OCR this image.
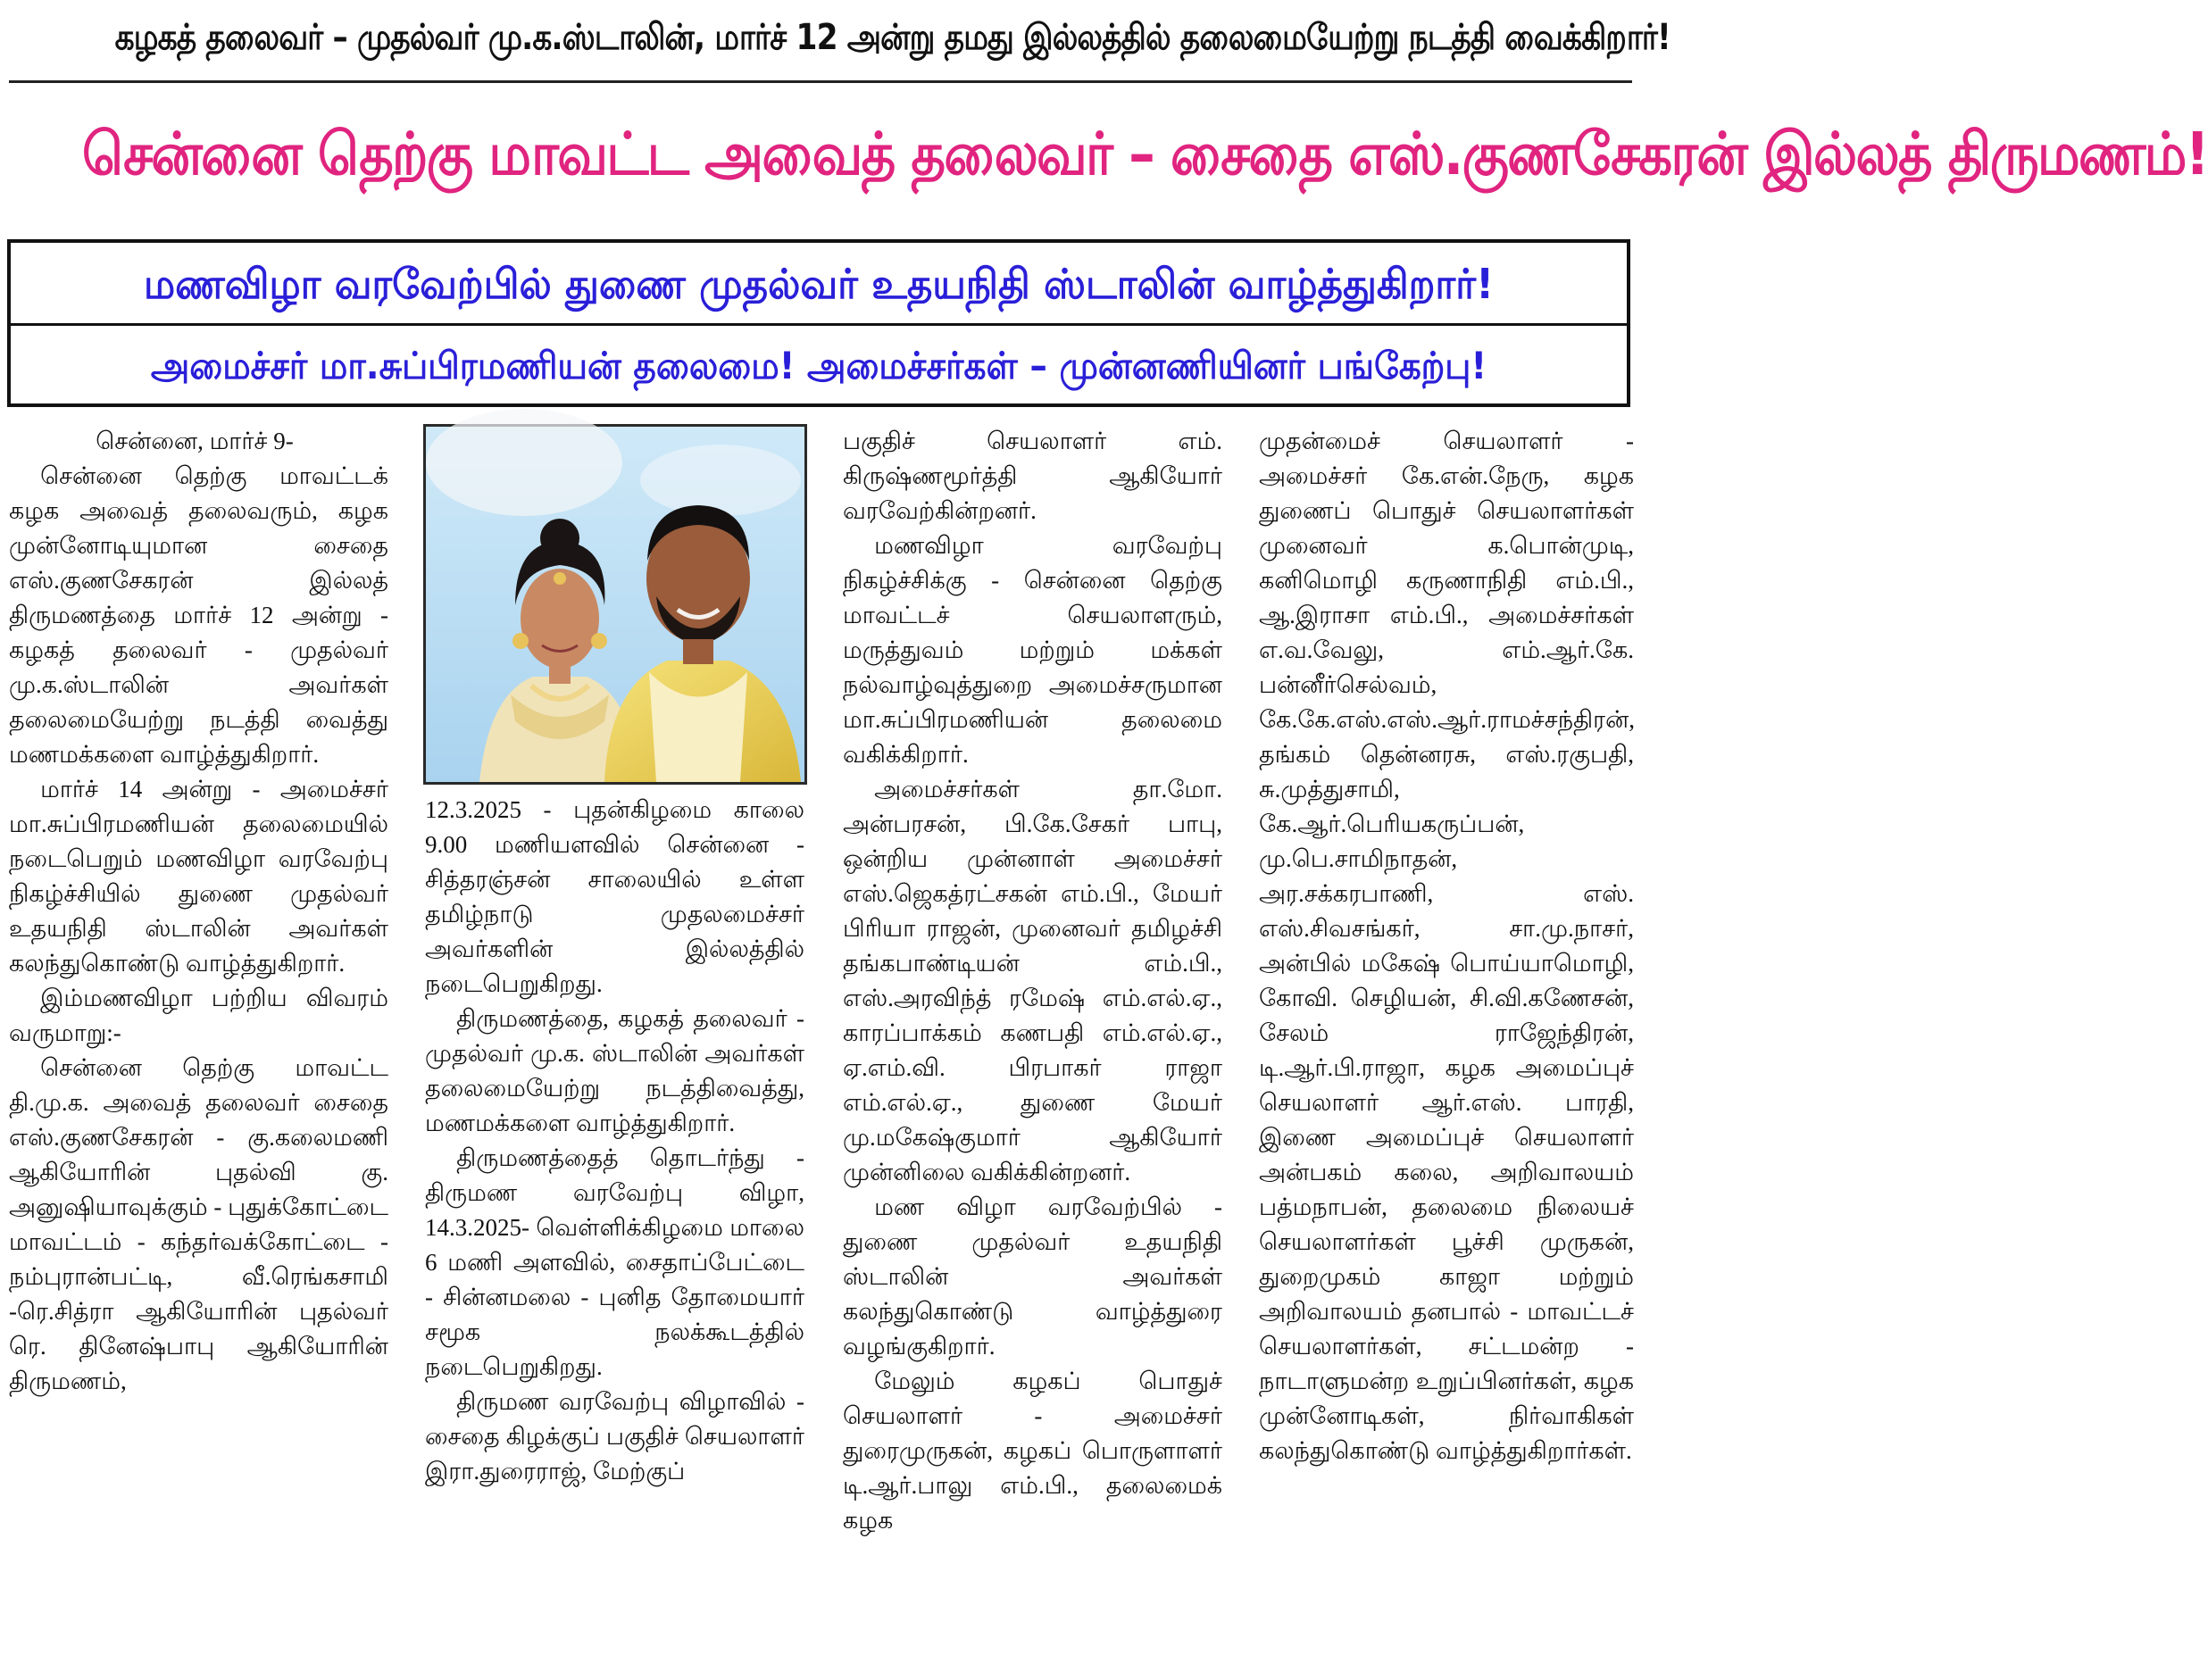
கழகத் தலைவர் – முதல்வர் மு.க.ஸ்டாலின், மார்ச் 12 அன்று தமது இல்லத்தில் தலைமையேற்று நடத்தி வைக்கிறார்!
சென்னை தெற்கு மாவட்ட அவைத் தலைவர் – சைதை எஸ்.குணசேகரன் இல்லத் திருமணம்!
மணவிழா வரவேற்பில் துணை முதல்வர் உதயநிதி ஸ்டாலின் வாழ்த்துகிறார்!
அமைச்சர் மா.சுப்பிரமணியன் தலைமை! அமைச்சர்கள் – முன்னணியினர் பங்கேற்பு!

சென்னை, மார்ச் 9-

சென்னை தெற்கு மாவட்டக் கழக அவைத் தலைவரும், கழக முன்னோடியுமான சைதை எஸ்.குணசேகரன் இல்லத் திருமணத்தை மார்ச் 12 அன்று - கழகத் தலைவர் - முதல்வர் மு.க.ஸ்டாலின் அவர்கள் தலைமையேற்று நடத்தி வைத்து மணமக்களை வாழ்த்துகிறார்.

மார்ச் 14 அன்று - அமைச்சர் மா.சுப்பிரமணியன் தலைமையில் நடைபெறும் மணவிழா வரவேற்பு நிகழ்ச்சியில் துணை முதல்வர் உதயநிதி ஸ்டாலின் அவர்கள் கலந்துகொண்டு வாழ்த்துகிறார்.

இம்மணவிழா பற்றிய விவரம் வருமாறு:-

சென்னை தெற்கு மாவட்ட தி.மு.க. அவைத் தலைவர் சைதை எஸ்.குணசேகரன் - கு.கலைமணி ஆகியோரின் புதல்வி கு. அனுஷியாவுக்கும் - புதுக்கோட்டை மாவட்டம் - கந்தர்வக்கோட்டை - நம்புரான்பட்டி, வீ.ரெங்கசாமி -ரெ.சித்ரா ஆகியோரின் புதல்வர் ரெ. தினேஷ்பாபு ஆகியோரின் திருமணம்,

12.3.2025 - புதன்கிழமை காலை 9.00 மணியளவில் சென்னை - சித்தரஞ்சன் சாலையில் உள்ள தமிழ்நாடு முதலமைச்சர் அவர்களின் இல்லத்தில் நடைபெறுகிறது.

திருமணத்தை, கழகத் தலைவர் - முதல்வர் மு.க. ஸ்டாலின் அவர்கள் தலைமையேற்று நடத்திவைத்து, மணமக்களை வாழ்த்துகிறார்.

திருமணத்தைத் தொடர்ந்து - திருமண வரவேற்பு விழா, 14.3.2025- வெள்ளிக்கிழமை மாலை 6 மணி அளவில், சைதாப்பேட்டை - சின்னமலை - புனித தோமையார் சமூக நலக்கூடத்தில் நடைபெறுகிறது.

திருமண வரவேற்பு விழாவில் - சைதை கிழக்குப் பகுதிச் செயலாளர் இரா.துரைராஜ், மேற்குப்

பகுதிச் செயலாளர் எம். கிருஷ்ணமூர்த்தி ஆகியோர் வரவேற்கின்றனர்.

மணவிழா வரவேற்பு நிகழ்ச்சிக்கு - சென்னை தெற்கு மாவட்டச் செயலாளரும், மருத்துவம் மற்றும் மக்கள் நல்வாழ்வுத்துறை அமைச்சருமான மா.சுப்பிரமணியன் தலைமை வகிக்கிறார்.

அமைச்சர்கள் தா.மோ. அன்பரசன், பி.கே.சேகர் பாபு, ஒன்றிய முன்னாள் அமைச்சர் எஸ்.ஜெகத்ரட்சகன் எம்.பி., மேயர் பிரியா ராஜன், முனைவர் தமிழச்சி தங்கபாண்டியன் எம்.பி., எஸ்.அரவிந்த் ரமேஷ் எம்.எல்.ஏ., காரப்பாக்கம் கணபதி எம்.எல்.ஏ., ஏ.எம்.வி. பிரபாகர் ராஜா எம்.எல்.ஏ., துணை மேயர் மு.மகேஷ்குமார் ஆகியோர் முன்னிலை வகிக்கின்றனர்.

மண விழா வரவேற்பில் - துணை முதல்வர் உதயநிதி ஸ்டாலின் அவர்கள் கலந்துகொண்டு வாழ்த்துரை வழங்குகிறார்.

மேலும் கழகப் பொதுச் செயலாளர் - அமைச்சர் துரைமுருகன், கழகப் பொருளாளர் டி.ஆர்.பாலு எம்.பி., தலைமைக் கழக

முதன்மைச் செயலாளர் - அமைச்சர் கே.என்.நேரு, கழக துணைப் பொதுச் செயலாளர்கள் முனைவர் க.பொன்முடி, கனிமொழி கருணாநிதி எம்.பி., ஆ.இராசா எம்.பி., அமைச்சர்கள் எ.வ.வேலு, எம்.ஆர்.கே. பன்னீர்செல்வம், கே.கே.எஸ்.எஸ்.ஆர்.ராமச்சந்திரன், தங்கம் தென்னரசு, எஸ்.ரகுபதி, சு.முத்துசாமி, கே.ஆர்.பெரியகருப்பன், மு.பெ.சாமிநாதன், அர.சக்கரபாணி, எஸ். எஸ்.சிவசங்கர், சா.மு.நாசர், அன்பில் மகேஷ் பொய்யாமொழி, கோவி. செழியன், சி.வி.கணேசன், சேலம் ராஜேந்திரன், டி.ஆர்.பி.ராஜா, கழக அமைப்புச் செயலாளர் ஆர்.எஸ். பாரதி, இணை அமைப்புச் செயலாளர் அன்பகம் கலை, அறிவாலயம் பத்மநாபன், தலைமை நிலையச் செயலாளர்கள் பூச்சி முருகன், துறைமுகம் காஜா மற்றும் அறிவாலயம் தனபால் - மாவட்டச் செயலாளர்கள், சட்டமன்ற - நாடாளுமன்ற உறுப்பினர்கள், கழக முன்னோடிகள், நிர்வாகிகள் கலந்துகொண்டு வாழ்த்துகிறார்கள்.
